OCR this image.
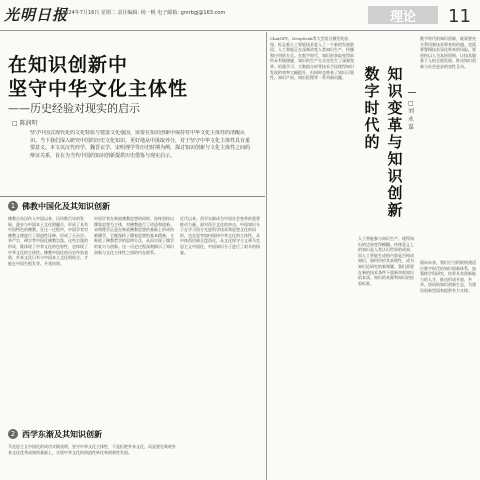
光明日报
2024年7月16日 星期二 责任编辑: 杨一帆 电子邮箱: gmrbgj@163.com	理论	11
在知识创新中
坚守中华文化主体性
——历史经验对现实的启示
□ 陈润明
坚守中国式现代化的文化特质与建设文化强国，需要在知识创新中保持对中华文化主体性的清醒认识。当下我们深入研究中国的历史文化知识，更好地从中汲取养分，对于坚守中华文化主体性具有重要意义。本文以汉代经学、魏晋玄学、宋明理学等历史时期为例，探讨知识创新与文化主体性之间的辩证关系，旨在为当代中国的知识创新提供历史借鉴与现实启示。
1 佛教中国化及其知识创新
佛教自东汉传入中国以来，历经数百年的发展，逐步与中国本土文化相融合，形成了具有中国特色的佛教。在这一过程中，中国学者对佛教义理进行了创造性诠释，形成了天台宗、华严宗、禅宗等中国化佛教宗派。这些宗派的形成，既体现了中华文化的包容性，也体现了中华文化的主体性。佛教中国化的历史经验表明，外来文化只有与中国本土文化相结合，才能在中国生根发芽、开花结果。
中国学者在吸收佛教思想的同时，始终坚持以儒家思想为主体，对佛教进行了改造和创新。宋明理学正是在吸收佛教思想的基础上形成的新儒学，它既保持了儒家思想的基本精神，又吸收了佛教哲学的思辨方法，从而实现了儒学的复兴与创新。这一历史过程深刻揭示了知识创新与文化主体性之间的内在联系。
近代以来，西学东渐成为中国社会变革的重要推动力量。面对西方文化的冲击，中国知识分子在学习西方先进科学技术和思想文化的同时，也在思考如何保持中华文化的主体性。从中体西用到全盘西化，从文化保守主义到马克思主义中国化，中国知识分子进行了艰辛的探索。
2 西学东渐及其知识创新
马克思主义中国化的成功实践表明，坚守中华文化主体性，不是拒绝外来文化，而是要在吸收外来文化优秀成果的基础上，实现中华文化的创造性转化和创新性发展。
ChatGPT、DeepSeek等大型语言模型的出现，标志着人工智能技术进入了一个新的发展阶段。人工智能正在深刻改变人类知识生产、传播和应用的方式。在数字时代，知识的获取变得前所未有地便捷，知识的生产方式也发生了深刻变革。机器学习、大数据分析等技术手段使得知识发现的效率大幅提升，但同时也带来了知识可靠性、知识产权、知识伦理等一系列新问题。	数字时代的
知识变革与知识创新
□ 刘永谋
人工智能参与知识生产，使得知识的边界变得模糊。传统意义上的知识是人类认识世界的成果，而人工智能生成的内容是否构成知识，如何评价其真理性，成为知识论研究的新课题。我们需要在新的技术条件下重新审视知识的本质、知识的来源和知识的检验标准。
数字时代的知识创新，既需要充分利用新技术带来的机遇，也需要警惕技术异化带来的风险。要坚持以人为本的原则，让技术服务于人的全面发展，推动知识创新与社会进步的良性互动。
面向未来，我们应当积极构建适应数字时代的知识创新体系，加强跨学科研究，培养具有创新能力的人才，推动形成开放、共享、协同的知识创新生态，为建设创新型国家提供有力支撑。
